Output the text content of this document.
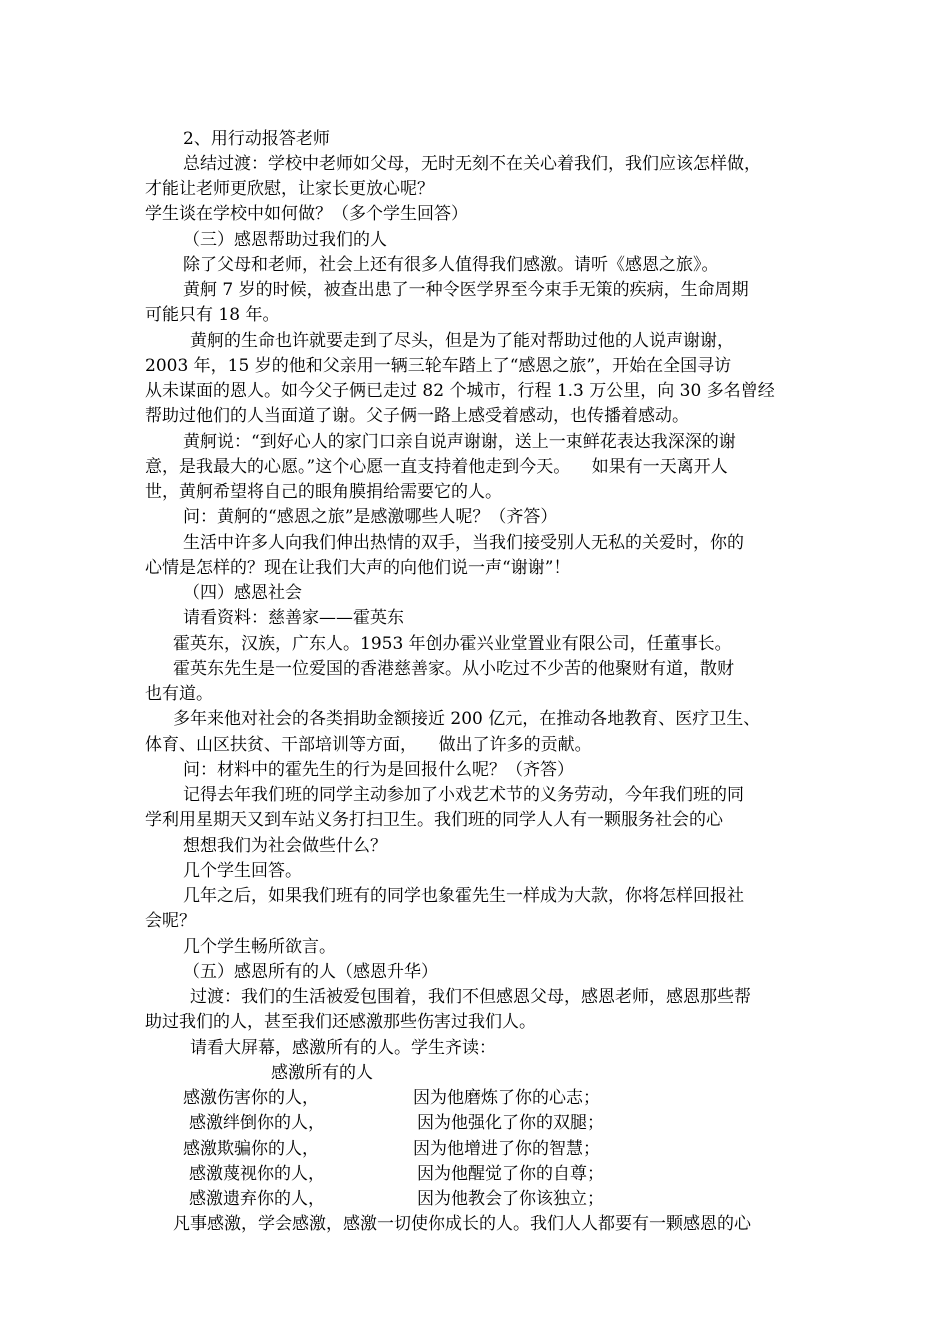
2、用行动报答老师
总结过渡：学校中老师如父母，无时无刻不在关心着我们，我们应该怎样做，
才能让老师更欣慰，让家长更放心呢？
学生谈在学校中如何做？（多个学生回答）
（三）感恩帮助过我们的人
除了父母和老师，社会上还有很多人值得我们感激。请听《感恩之旅》。
黄舸 7 岁的时候，被查出患了一种令医学界至今束手无策的疾病，生命周期
可能只有 18 年。
黄舸的生命也许就要走到了尽头，但是为了能对帮助过他的人说声谢谢，
2003 年，15 岁的他和父亲用一辆三轮车踏上了“感恩之旅”，开始在全国寻访
从未谋面的恩人。如今父子俩已走过 82 个城市，行程 1.3 万公里，向 30 多名曾经
帮助过他们的人当面道了谢。父子俩一路上感受着感动，也传播着感动。
黄舸说：“到好心人的家门口亲自说声谢谢，送上一束鲜花表达我深深的谢
意，是我最大的心愿。”这个心愿一直支持着他走到今天。    如果有一天离开人
世，黄舸希望将自己的眼角膜捐给需要它的人。
问：黄舸的“感恩之旅”是感激哪些人呢？（齐答）
生活中许多人向我们伸出热情的双手，当我们接受别人无私的关爱时，你的
心情是怎样的？现在让我们大声的向他们说一声“谢谢”！
（四）感恩社会
请看资料：慈善家——霍英东
霍英东，汉族，广东人。1953 年创办霍兴业堂置业有限公司，任董事长。
霍英东先生是一位爱国的香港慈善家。从小吃过不少苦的他聚财有道，散财
也有道。
多年来他对社会的各类捐助金额接近 200 亿元，在推动各地教育、医疗卫生、
体育、山区扶贫、干部培训等方面，    做出了许多的贡献。
问：材料中的霍先生的行为是回报什么呢？（齐答）
记得去年我们班的同学主动参加了小戏艺术节的义务劳动，今年我们班的同
学利用星期天又到车站义务打扫卫生。我们班的同学人人有一颗服务社会的心
想想我们为社会做些什么？
几个学生回答。
几年之后，如果我们班有的同学也象霍先生一样成为大款，你将怎样回报社
会呢？
几个学生畅所欲言。
（五）感恩所有的人（感恩升华）
过渡：我们的生活被爱包围着，我们不但感恩父母，感恩老师，感恩那些帮
助过我们的人，甚至我们还感激那些伤害过我们人。
请看大屏幕，感激所有的人。学生齐读：
感激所有的人
感激伤害你的人，	因为他磨炼了你的心志；
感激绊倒你的人，	因为他强化了你的双腿；
感激欺骗你的人，	因为他增进了你的智慧；
感激蔑视你的人，	因为他醒觉了你的自尊；
感激遗弃你的人，	因为他教会了你该独立；
凡事感激，学会感激，感激一切使你成长的人。我们人人都要有一颗感恩的心
